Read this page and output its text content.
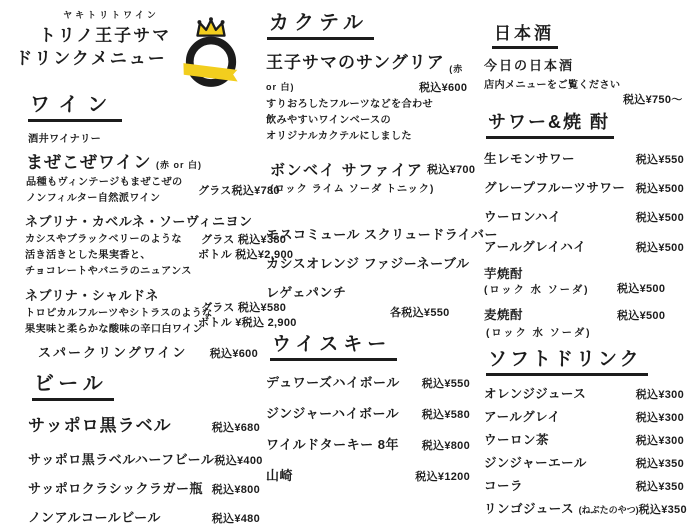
ヤキトリトワイン
トリノ王子サマ
ドリンクメニュー
ワイン
酒井ワイナリー
まぜこぜワイン (赤 or 白)
品種もヴィンテージもまぜこぜの
ノンフィルター自然派ワイン
グラス税込¥780
ネブリナ・カベルネ・ソーヴィニヨン
カシスやブラックベリーのような
活き活きとした果実香と、
チョコレートやバニラのニュアンス
グラス 税込¥380
ボトル 税込¥2,900
ネブリナ・シャルドネ
トロピカルフルーツやシトラスのような
果実味と柔らかな酸味の辛口白ワイン
グラス 税込¥580
ボトル ¥税込 2,900
スパークリングワイン 税込¥600
ビール
サッポロ黒ラベル	税込¥680
サッポロ黒ラベルハーフビール 税込¥400
サッポロクラシックラガー瓶 税込¥800
ノンアルコールビール	税込¥480
カクテル
王子サマのサングリア $_{(赤 or 白)}$
すりおろしたフルーツなどを合わせ
飲みやすいワインベースの
オリジナルカクテルにしました
税込¥600
ボンベイ サファイア
(ロック ライム ソーダ トニック)
税込¥700
モスコミュール スクリュードライバー
カシスオレンジ ファジーネーブル
レゲェパンチ
各税込¥550
ウイスキー
デュワーズハイボール 税込¥550
ジンジャーハイボール 税込¥580
ワイルドターキー 8年 税込¥800
山崎	税込¥1200
日本酒
今日の日本酒
店内メニューをご覧ください
税込¥750〜
サワー&焼 酎
生レモンサワー	税込¥550
グレープフルーツサワー 税込¥500
ウーロンハイ	税込¥500
アールグレイハイ	税込¥500
芋焼酎
(ロック 水 ソーダ)	税込¥500
麦焼酎
(ロック 水 ソーダ)
税込¥500
ソフトドリンク
オレンジジュース	税込¥300
アールグレイ	税込¥300
ウーロン茶	税込¥300
ジンジャーエール	税込¥350
コーラ	税込¥350
リンゴジュース (ねぶたのやつ) 税込¥350
